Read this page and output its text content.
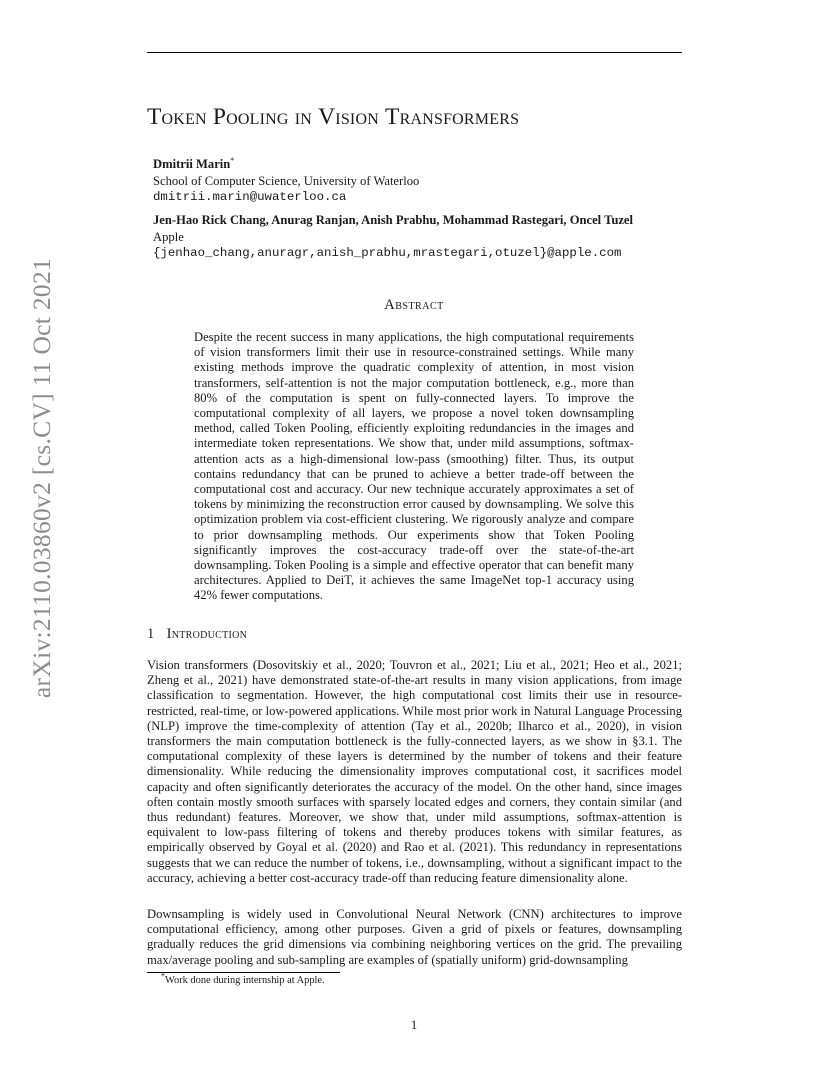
arXiv:2110.03860v2 [cs.CV] 11 Oct 2021
Token Pooling in Vision Transformers
Dmitrii Marin*
School of Computer Science, University of Waterloo
dmitrii.marin@uwaterloo.ca
Jen-Hao Rick Chang, Anurag Ranjan, Anish Prabhu, Mohammad Rastegari, Oncel Tuzel
Apple
{jenhao_chang,anuragr,anish_prabhu,mrastegari,otuzel}@apple.com
Abstract

Despite the recent success in many applications, the high computational requirements of vision transformers limit their use in resource-constrained settings. While many existing methods improve the quadratic complexity of attention, in most vision transformers, self-attention is not the major computation bottleneck, e.g., more than 80% of the computation is spent on fully-connected layers. To improve the computational complexity of all layers, we propose a novel token downsampling method, called Token Pooling, efficiently exploiting redundancies in the images and intermediate token representations. We show that, under mild assumptions, softmax-attention acts as a high-dimensional low-pass (smoothing) filter. Thus, its output contains redundancy that can be pruned to achieve a better trade-off between the computational cost and accuracy. Our new technique accurately approximates a set of tokens by minimizing the reconstruction error caused by downsampling. We solve this optimization problem via cost-efficient clustering. We rigorously analyze and compare to prior downsampling methods. Our experiments show that Token Pooling significantly improves the cost-accuracy trade-off over the state-of-the-art downsampling. Token Pooling is a simple and effective operator that can benefit many architectures. Applied to DeiT, it achieves the same ImageNet top-1 accuracy using 42% fewer computations.

1 Introduction

Vision transformers (Dosovitskiy et al., 2020; Touvron et al., 2021; Liu et al., 2021; Heo et al., 2021; Zheng et al., 2021) have demonstrated state-of-the-art results in many vision applications, from image classification to segmentation. However, the high computational cost limits their use in resource-restricted, real-time, or low-powered applications. While most prior work in Natural Language Processing (NLP) improve the time-complexity of attention (Tay et al., 2020b; Ilharco et al., 2020), in vision transformers the main computation bottleneck is the fully-connected layers, as we show in §3.1. The computational complexity of these layers is determined by the number of tokens and their feature dimensionality. While reducing the dimensionality improves computational cost, it sacrifices model capacity and often significantly deteriorates the accuracy of the model. On the other hand, since images often contain mostly smooth surfaces with sparsely located edges and corners, they contain similar (and thus redundant) features. Moreover, we show that, under mild assumptions, softmax-attention is equivalent to low-pass filtering of tokens and thereby produces tokens with similar features, as empirically observed by Goyal et al. (2020) and Rao et al. (2021). This redundancy in representations suggests that we can reduce the number of tokens, i.e., downsampling, without a significant impact to the accuracy, achieving a better cost-accuracy trade-off than reducing feature dimensionality alone.

Downsampling is widely used in Convolutional Neural Network (CNN) architectures to improve computational efficiency, among other purposes. Given a grid of pixels or features, downsampling gradually reduces the grid dimensions via combining neighboring vertices on the grid. The prevailing max/average pooling and sub-sampling are examples of (spatially uniform) grid-downsampling

*Work done during internship at Apple.
1
